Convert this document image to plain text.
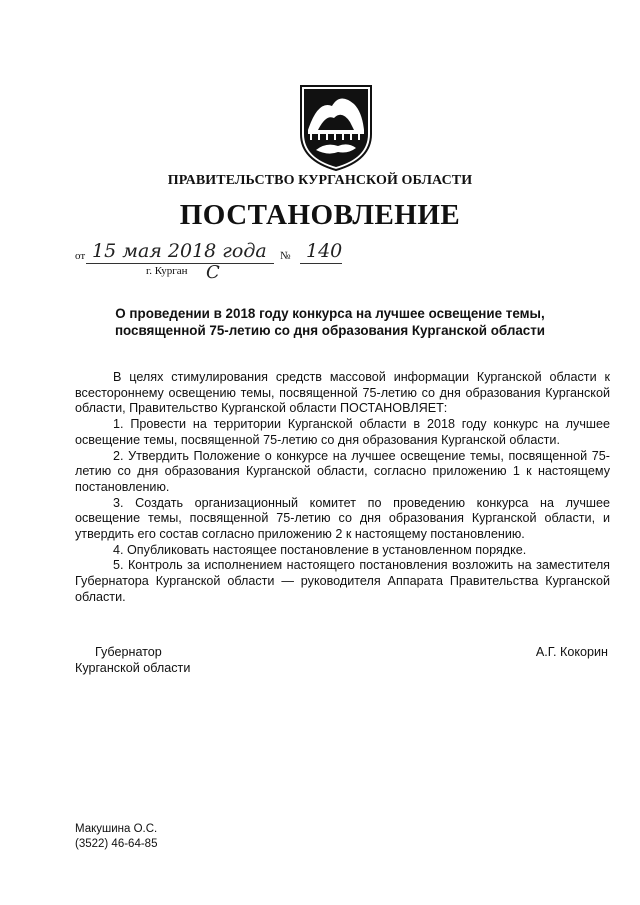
ПРАВИТЕЛЬСТВО КУРГАНСКОЙ ОБЛАСТИ
ПОСТАНОВЛЕНИЕ
от 15 мая 2018 года № 140
г. Курган С
О проведении в 2018 году конкурса на лучшее освещение темы,
посвященной 75-летию со дня образования Курганской области

В целях стимулирования средств массовой информации Курганской области к всестороннему освещению темы, посвященной 75-летию со дня образования Курганской области, Правительство Курганской области ПОСТАНОВЛЯЕТ:

1. Провести на территории Курганской области в 2018 году конкурс на лучшее освещение темы, посвященной 75-летию со дня образования Курганской области.

2. Утвердить Положение о конкурсе на лучшее освещение темы, посвященной 75-летию со дня образования Курганской области, согласно приложению 1 к настоящему постановлению.

3. Создать организационный комитет по проведению конкурса на лучшее освещение темы, посвященной 75-летию со дня образования Курганской области, и утвердить его состав согласно приложению 2 к настоящему постановлению.

4. Опубликовать настоящее постановление в установленном порядке.

5. Контроль за исполнением настоящего постановления возложить на заместителя Губернатора Курганской области — руководителя Аппарата Правительства Курганской области.

Губернатор
Курганской области
А.Г. Кокорин
Макушина О.С.
(3522) 46-64-85
